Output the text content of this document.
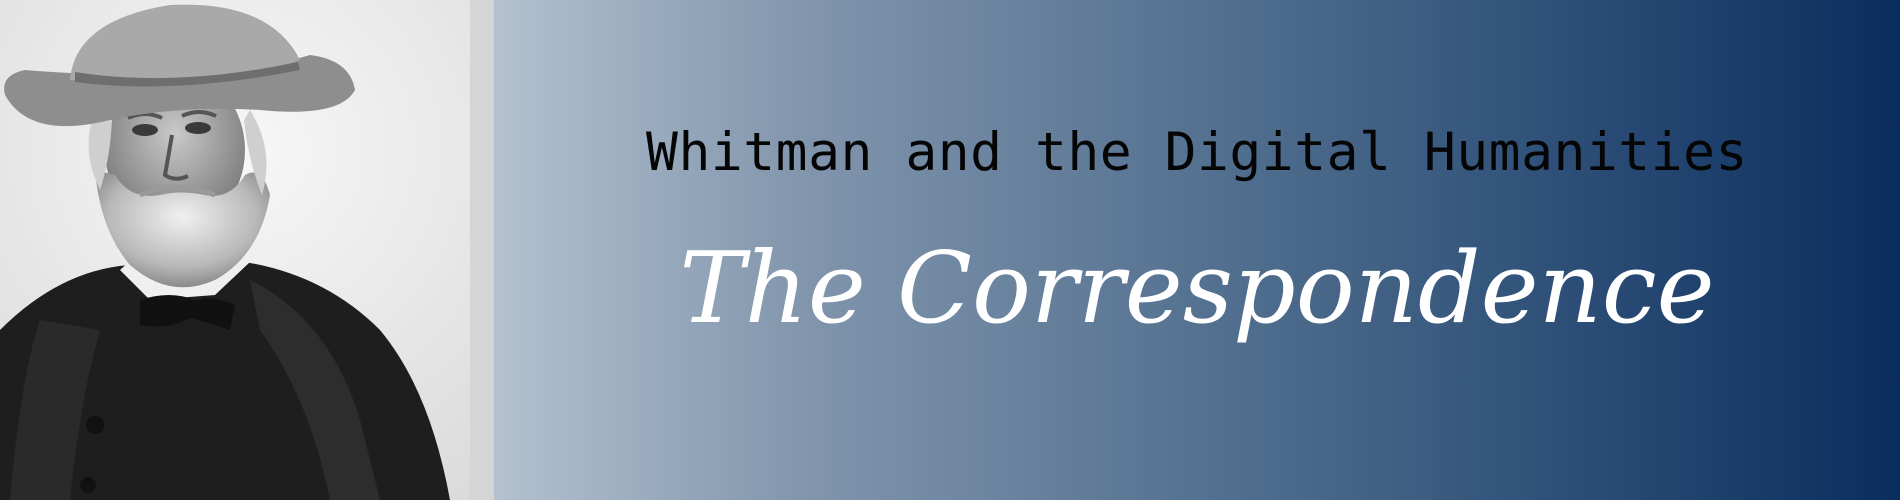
Whitman and the Digital Humanities
The Correspondence
